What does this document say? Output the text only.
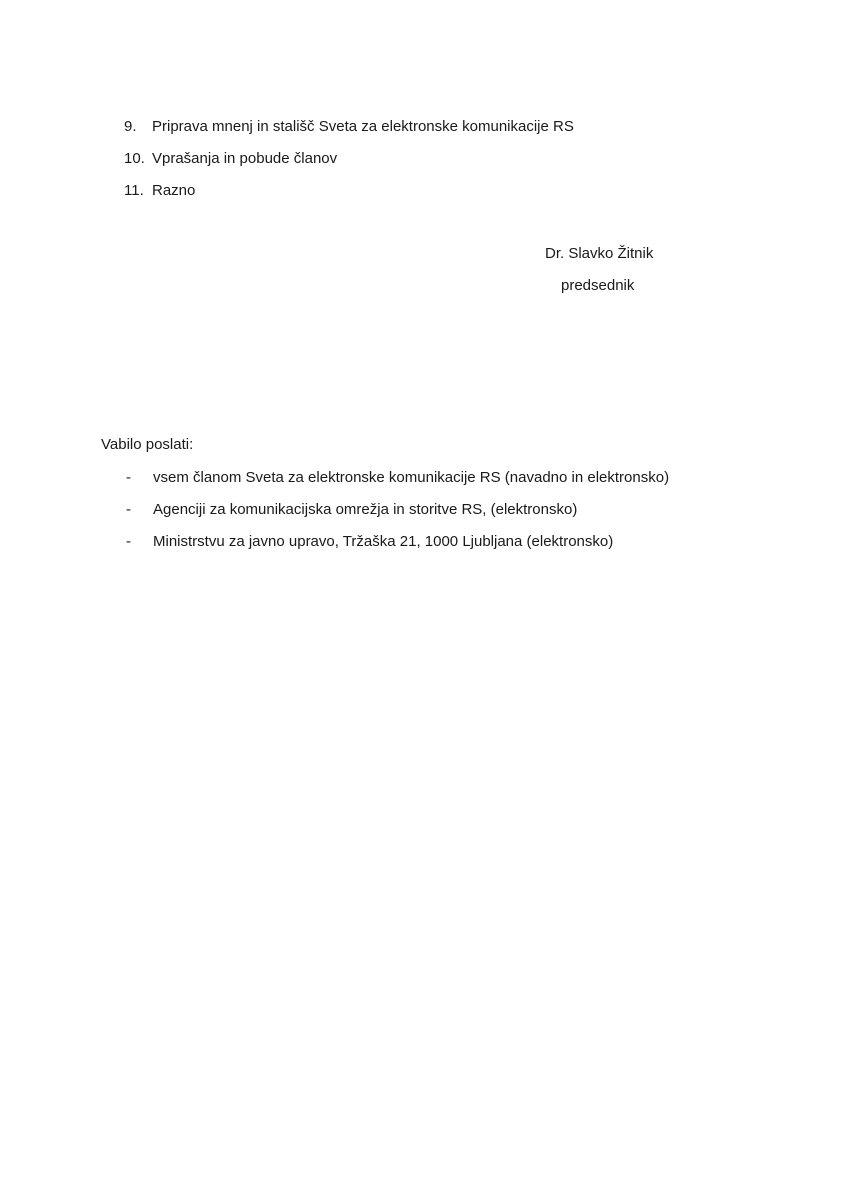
9. Priprava mnenj in stališč Sveta za elektronske komunikacije RS
10. Vprašanja in pobude članov
11. Razno
Dr. Slavko Žitnik
predsednik
Vabilo poslati:
- vsem članom Sveta za elektronske komunikacije RS (navadno in elektronsko)
- Agenciji za komunikacijska omrežja in storitve RS, (elektronsko)
- Ministrstvu za javno upravo, Tržaška 21, 1000 Ljubljana (elektronsko)
